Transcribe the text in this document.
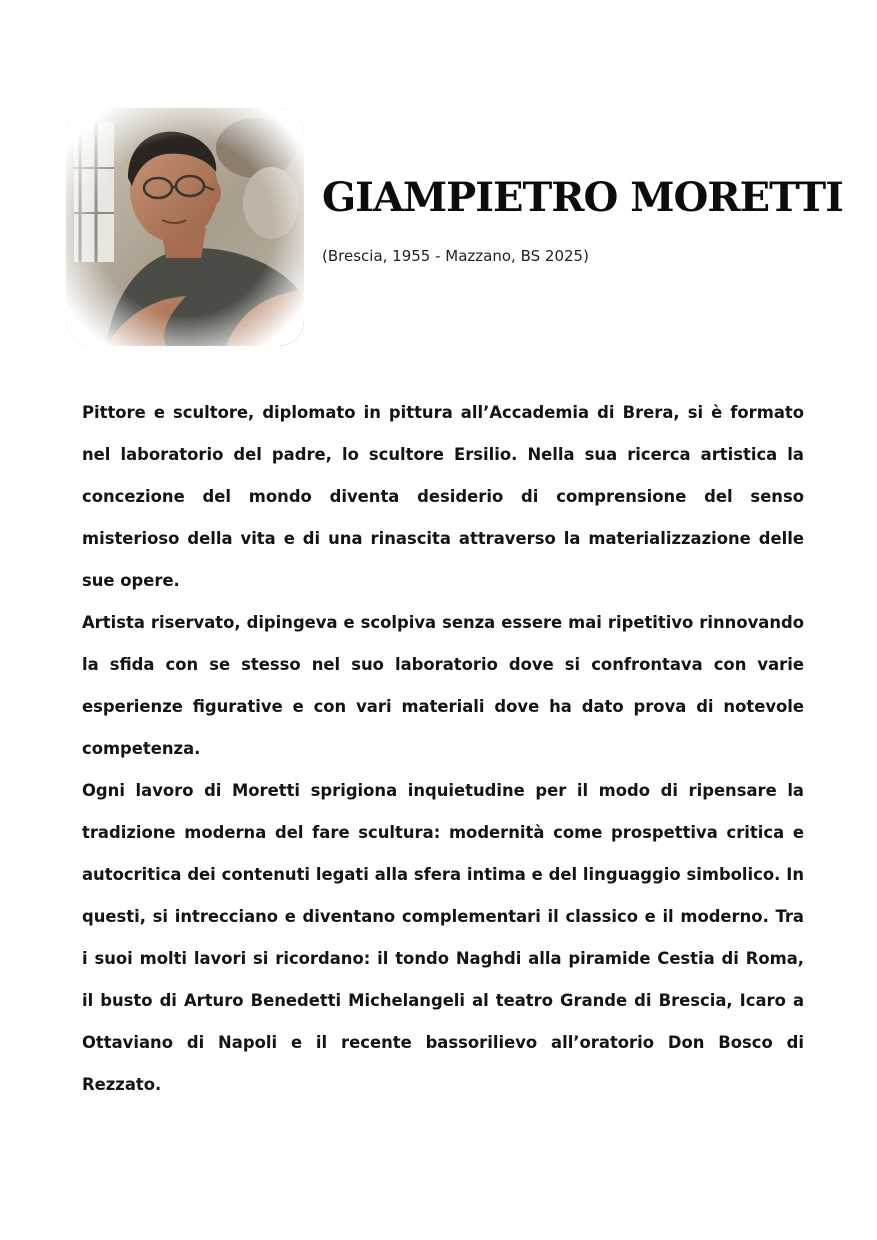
GIAMPIETRO MORETTI

(Brescia, 1955 - Mazzano, BS 2025)

Pittore e scultore, diplomato in pittura all’Accademia di Brera, si è formato nel laboratorio del padre, lo scultore Ersilio. Nella sua ricerca artistica la concezione del mondo diventa desiderio di comprensione del senso misterioso della vita e di una rinascita attraverso la materializzazione delle sue opere.

Artista riservato, dipingeva e scolpiva senza essere mai ripetitivo rinnovando la sfida con se stesso nel suo laboratorio dove si confrontava con varie esperienze figurative e con vari materiali dove ha dato prova di notevole competenza.

Ogni lavoro di Moretti sprigiona inquietudine per il modo di ripensare la tradizione moderna del fare scultura: modernità come prospettiva critica e autocritica dei contenuti legati alla sfera intima e del linguaggio simbolico. In questi, si intrecciano e diventano complementari il classico e il moderno. Tra i suoi molti lavori si ricordano: il tondo Naghdi alla piramide Cestia di Roma, il busto di Arturo Benedetti Michelangeli al teatro Grande di Brescia, Icaro a Ottaviano di Napoli e il recente bassorilievo all’oratorio Don Bosco di Rezzato.
